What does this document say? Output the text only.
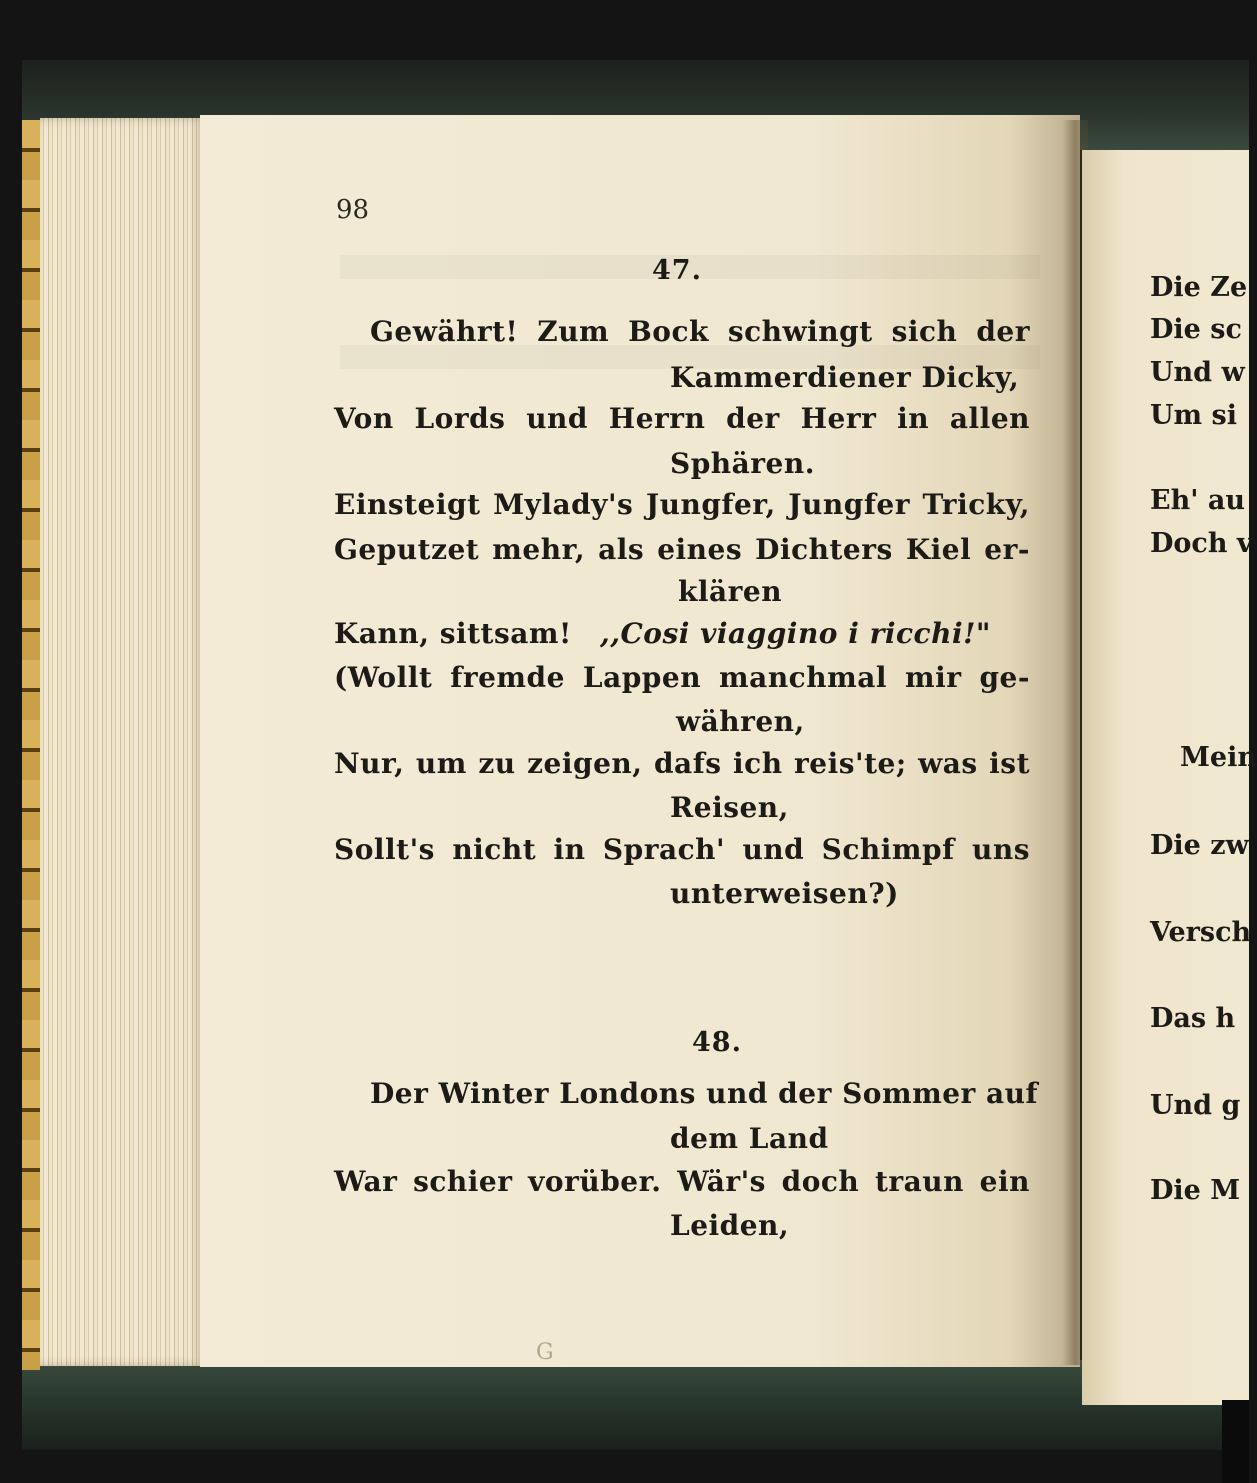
98
47.
Gewährt! Zum Bock schwingt sich der
Kammerdiener Dicky,
Von Lords und Herrn der Herr in allen
Sphären.
Einsteigt Mylady's Jungfer, Jungfer Tricky,
Geputzet mehr, als eines Dichters Kiel er-
klären
Kann, sittsam! ,,Cosi viaggino i ricchi!"
(Wollt fremde Lappen manchmal mir ge-
währen,
Nur, um zu zeigen, dafs ich reis'te; was ist
Reisen,
Sollt's nicht in Sprach' und Schimpf uns
unterweisen?)
48.
Der Winter Londons und der Sommer auf
dem Land
War schier vorüber. Wär's doch traun ein
Leiden,
G
Die Ze
Die sc
Und w
Um si
Eh' au
Doch v
Mein
Die zw
Versch
Das h
Und g
Die M
